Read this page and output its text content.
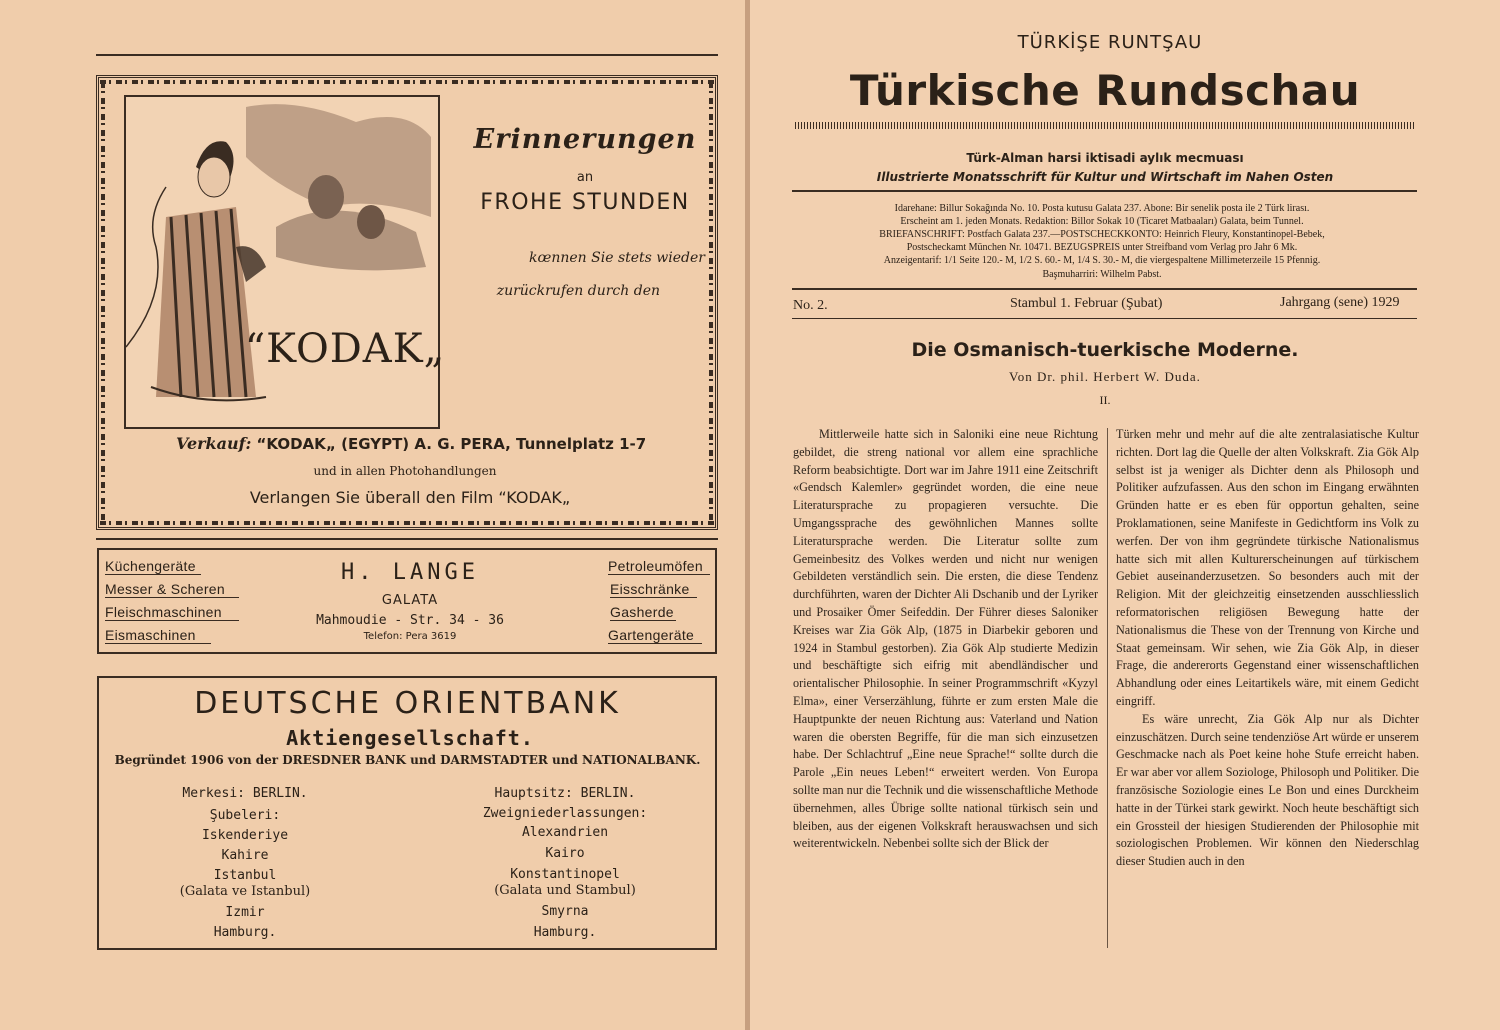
Erinnerungen
an
FROHE STUNDEN
kœnnen Sie stets wieder
zurückrufen durch den
“KODAK„
Verkauf: “KODAK„ (EGYPT) A. G. PERA, Tunnelplatz 1-7
und in allen Photohandlungen
Verlangen Sie überall den Film “KODAK„
Küchengeräte
Messer & Scheren
Fleischmaschinen
Eismaschinen
H. LANGE
GALATA
Mahmoudie - Str. 34 - 36
Telefon: Pera 3619
Petroleumöfen
Eisschränke
Gasherde
Gartengeräte
DEUTSCHE ORIENTBANK
Aktiengesellschaft.
Begründet 1906 von der DRESDNER BANK und DARMSTADTER und NATIONALBANK.
Merkesi: BERLIN.
Şubeleri:
Iskenderiye
Kahire
Istanbul
(Galata ve Istanbul)
Izmir
Hamburg.
Hauptsitz: BERLIN.
Zweigniederlassungen:
Alexandrien
Kairo
Konstantinopel
(Galata und Stambul)
Smyrna
Hamburg.
TÜRKİŞE RUNTŞAU
Türkische Rundschau
Türk-Alman harsi iktisadi aylık mecmuası
Illustrierte Monatsschrift für Kultur und Wirtschaft im Nahen Osten
Idarehane: Billur Sokağında No. 10. Posta kutusu Galata 237. Abone: Bir senelik posta ile 2 Türk lirası.
Erscheint am 1. jeden Monats. Redaktion: Billor Sokak 10 (Ticaret Matbaaları) Galata, beim Tunnel.
BRIEFANSCHRIFT: Postfach Galata 237.—POSTSCHECKKONTO: Heinrich Fleury, Konstantinopel-Bebek,
Postscheckamt München Nr. 10471. BEZUGSPREIS unter Streifband vom Verlag pro Jahr 6 Mk.
Anzeigentarif: 1/1 Seite 120.- M, 1/2 S. 60.- M, 1/4 S. 30.- M, die viergespaltene Millimeterzeile 15 Pfennig.
Başmuharriri: Wilhelm Pabst.
No. 2.	Stambul 1. Februar (Şubat)	Jahrgang (sene) 1929
Die Osmanisch-tuerkische Moderne.
Von Dr. phil. Herbert W. Duda.
II.

Mittlerweile hatte sich in Saloniki eine neue Richtung gebildet, die streng national vor allem eine sprachliche Reform beabsichtigte. Dort war im Jahre 1911 eine Zeitschrift «Gendsch Kalemler» gegründet worden, die eine neue Literatursprache zu propagieren versuchte. Die Umgangssprache des gewöhnlichen Mannes sollte Literatursprache werden. Die Literatur sollte zum Gemeinbesitz des Volkes werden und nicht nur wenigen Gebildeten verständlich sein. Die ersten, die diese Tendenz durchführten, waren der Dichter Ali Dschanib und der Lyriker und Prosaiker Ömer Seifeddin. Der Führer dieses Saloniker Kreises war Zia Gök Alp, (1875 in Diarbekir geboren und 1924 in Stambul gestorben). Zia Gök Alp studierte Medizin und beschäftigte sich eifrig mit abendländischer und orientalischer Philosophie. In seiner Programmschrift «Kyzyl Elma», einer Verserzählung, führte er zum ersten Male die Hauptpunkte der neuen Richtung aus: Vaterland und Nation waren die obersten Begriffe, für die man sich einzusetzen habe. Der Schlachtruf „Eine neue Sprache!“ sollte durch die Parole „Ein neues Leben!“ erweitert werden. Von Europa sollte man nur die Technik und die wissenschaftliche Methode übernehmen, alles Übrige sollte national türkisch sein und bleiben, aus der eigenen Volkskraft herauswachsen und sich weiterentwickeln. Nebenbei sollte sich der Blick der

Türken mehr und mehr auf die alte zentralasiatische Kultur richten. Dort lag die Quelle der alten Volkskraft. Zia Gök Alp selbst ist ja weniger als Dichter denn als Philosoph und Politiker aufzufassen. Aus den schon im Eingang erwähnten Gründen hatte er es eben für opportun gehalten, seine Proklamationen, seine Manifeste in Gedichtform ins Volk zu werfen. Der von ihm gegründete türkische Nationalismus hatte sich mit allen Kulturerscheinungen auf türkischem Gebiet auseinanderzusetzen. So besonders auch mit der Religion. Mit der gleichzeitig einsetzenden ausschliesslich reformatorischen religiösen Bewegung hatte der Nationalismus die These von der Trennung von Kirche und Staat gemeinsam. Wir sehen, wie Zia Gök Alp, in dieser Frage, die andererorts Gegenstand einer wissenschaftlichen Abhandlung oder eines Leitartikels wäre, mit einem Gedicht eingriff.

Es wäre unrecht, Zia Gök Alp nur als Dichter einzuschätzen. Durch seine tendenziöse Art würde er unserem Geschmacke nach als Poet keine hohe Stufe erreicht haben. Er war aber vor allem Soziologe, Philosoph und Politiker. Die französische Soziologie eines Le Bon und eines Durckheim hatte in der Türkei stark gewirkt. Noch heute beschäftigt sich ein Grossteil der hiesigen Studierenden der Philosophie mit soziologischen Problemen. Wir können den Niederschlag dieser Studien auch in den
